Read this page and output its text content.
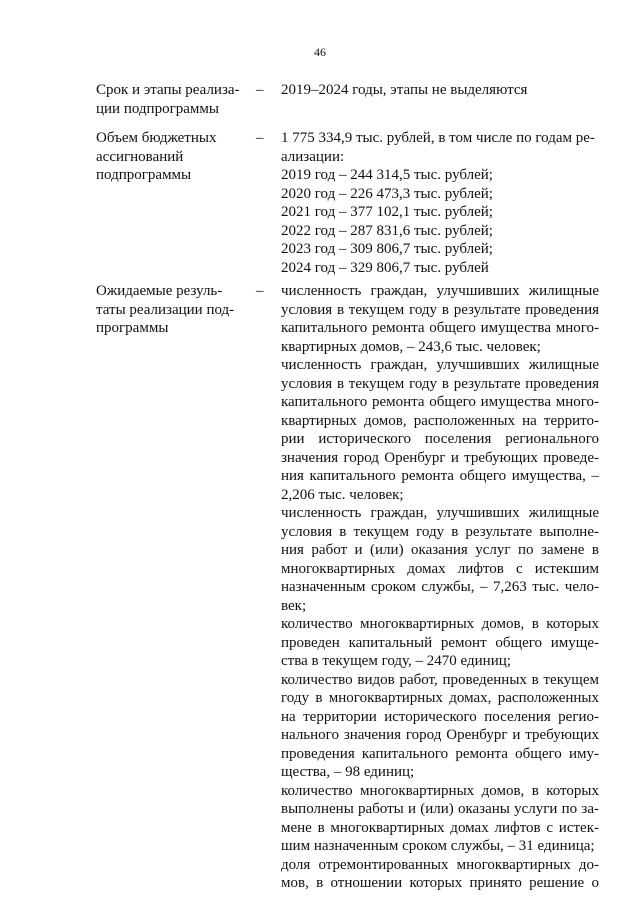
46
Срок и этапы реализа-
ции подпрограммы
–	2019–2024 годы, этапы не выделяются
Объем бюджетных
ассигнований
подпрограммы
–	1 775 334,9 тыс. рублей, в том числе по годам ре-
ализации:
2019 год – 244 314,5 тыс. рублей;
2020 год – 226 473,3 тыс. рублей;
2021 год – 377 102,1 тыс. рублей;
2022 год – 287 831,6 тыс. рублей;
2023 год – 309 806,7 тыс. рублей;
2024 год – 329 806,7 тыс. рублей
Ожидаемые резуль-
таты реализации под-
программы
–	численность граждан, улучшивших жилищные
условия в текущем году в результате проведения
капитального ремонта общего имущества много-
квартирных домов, – 243,6 тыс. человек;
численность граждан, улучшивших жилищные
условия в текущем году в результате проведения
капитального ремонта общего имущества много-
квартирных домов, расположенных на террито-
рии исторического поселения регионального
значения город Оренбург и требующих проведе-
ния капитального ремонта общего имущества, –
2,206 тыс. человек;
численность граждан, улучшивших жилищные
условия в текущем году в результате выполне-
ния работ и (или) оказания услуг по замене в
многоквартирных домах лифтов с истекшим
назначенным сроком службы, – 7,263 тыс. чело-
век;
количество многоквартирных домов, в которых
проведен капитальный ремонт общего имуще-
ства в текущем году, – 2470 единиц;
количество видов работ, проведенных в текущем
году в многоквартирных домах, расположенных
на территории исторического поселения регио-
нального значения город Оренбург и требующих
проведения капитального ремонта общего иму-
щества, – 98 единиц;
количество многоквартирных домов, в которых
выполнены работы и (или) оказаны услуги по за-
мене в многоквартирных домах лифтов с истек-
шим назначенным сроком службы, – 31 единица;
доля отремонтированных многоквартирных до-
мов, в отношении которых принято решение о
